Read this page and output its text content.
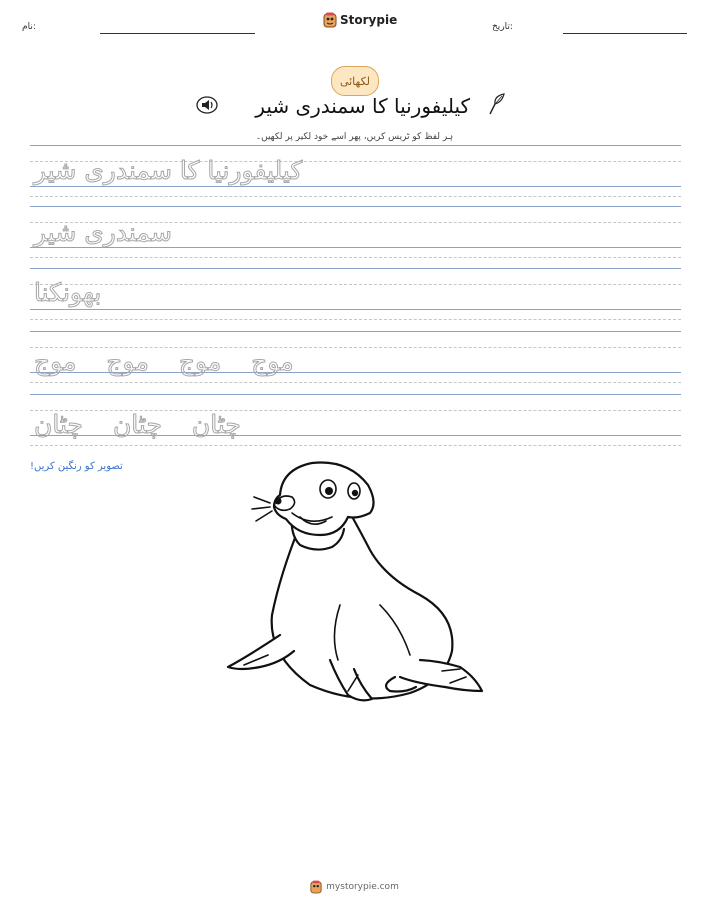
نام:	Storypie	تاریخ:
لکھائی
کیلیفورنیا کا سمندری شیر
ہر لفظ کو ٹریس کریں، پھر اسے خود لکیر پر لکھیں۔
کیلیفورنیا کا سمندری شیر
سمندری شیر
بھونکنا
موج موج موج موج
چٹان چٹان چٹان
تصویر کو رنگین کریں!
mystorypie.com
